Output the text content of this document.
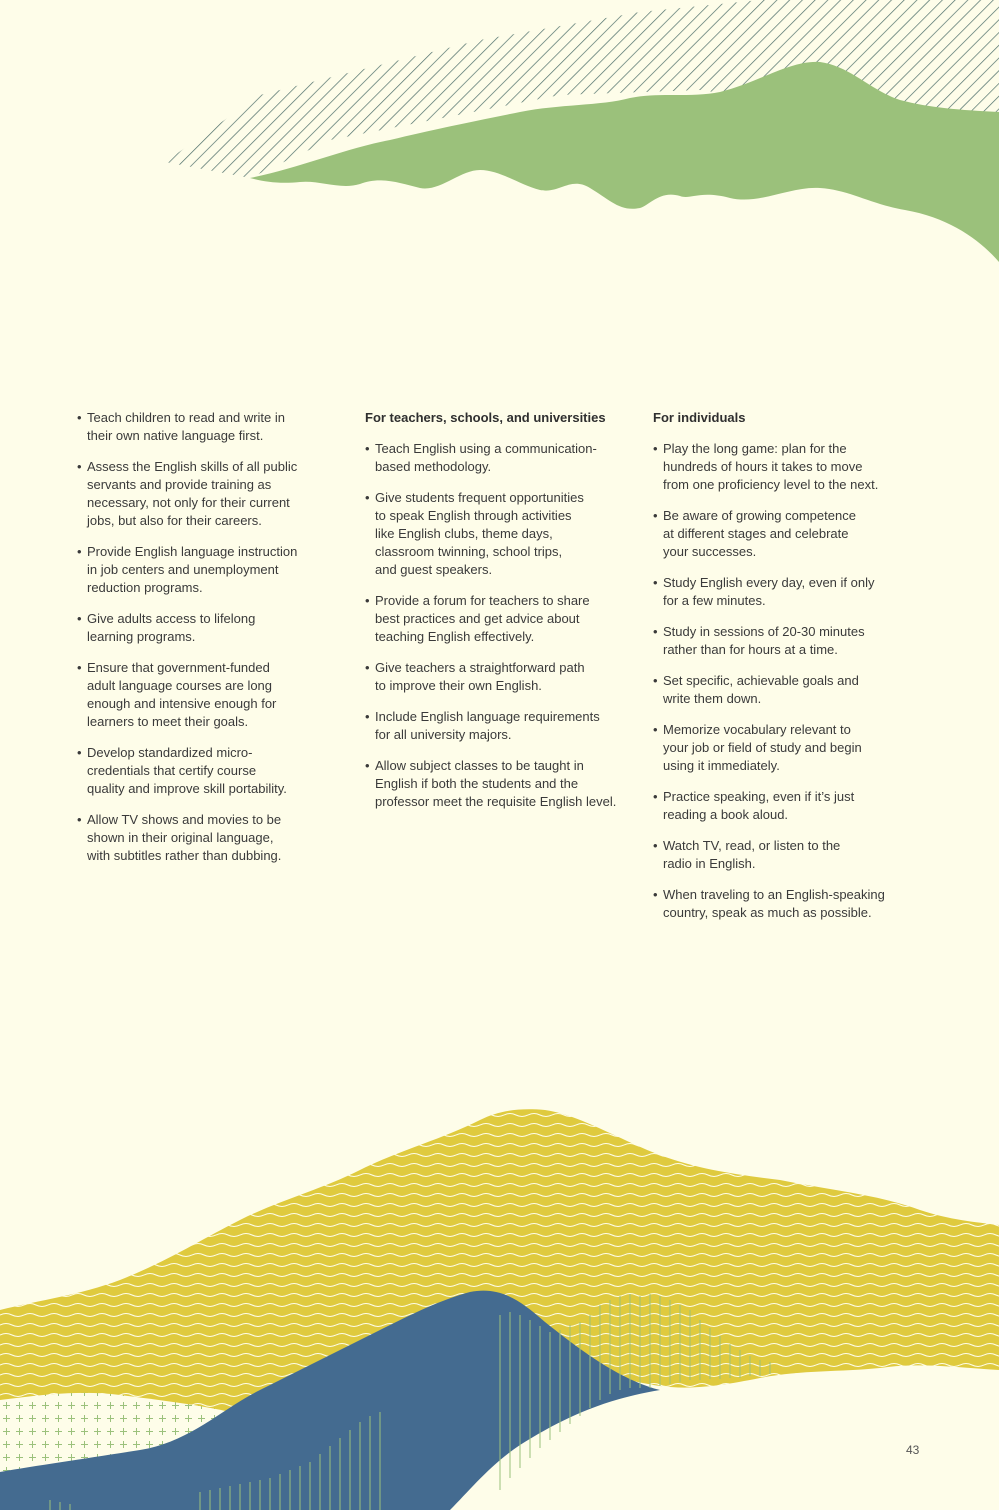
• Teach children to read and write in
their own native language first.
• Assess the English skills of all public
servants and provide training as
necessary, not only for their current
jobs, but also for their careers.
• Provide English language instruction
in job centers and unemployment
reduction programs.
• Give adults access to lifelong
learning programs.
• Ensure that government-funded
adult language courses are long
enough and intensive enough for
learners to meet their goals.
• Develop standardized micro-
credentials that certify course
quality and improve skill portability.
• Allow TV shows and movies to be
shown in their original language,
with subtitles rather than dubbing.
For teachers, schools, and universities
• Teach English using a communication-
based methodology.
• Give students frequent opportunities
to speak English through activities
like English clubs, theme days,
classroom twinning, school trips,
and guest speakers.
• Provide a forum for teachers to share
best practices and get advice about
teaching English effectively.
• Give teachers a straightforward path
to improve their own English.
• Include English language requirements
for all university majors.
• Allow subject classes to be taught in
English if both the students and the
professor meet the requisite English level.
For individuals
• Play the long game: plan for the
hundreds of hours it takes to move
from one proficiency level to the next.
• Be aware of growing competence
at different stages and celebrate
your successes.
• Study English every day, even if only
for a few minutes.
• Study in sessions of 20-30 minutes
rather than for hours at a time.
• Set specific, achievable goals and
write them down.
• Memorize vocabulary relevant to
your job or field of study and begin
using it immediately.
• Practice speaking, even if it’s just
reading a book aloud.
• Watch TV, read, or listen to the
radio in English.
• When traveling to an English-speaking
country, speak as much as possible.
43
